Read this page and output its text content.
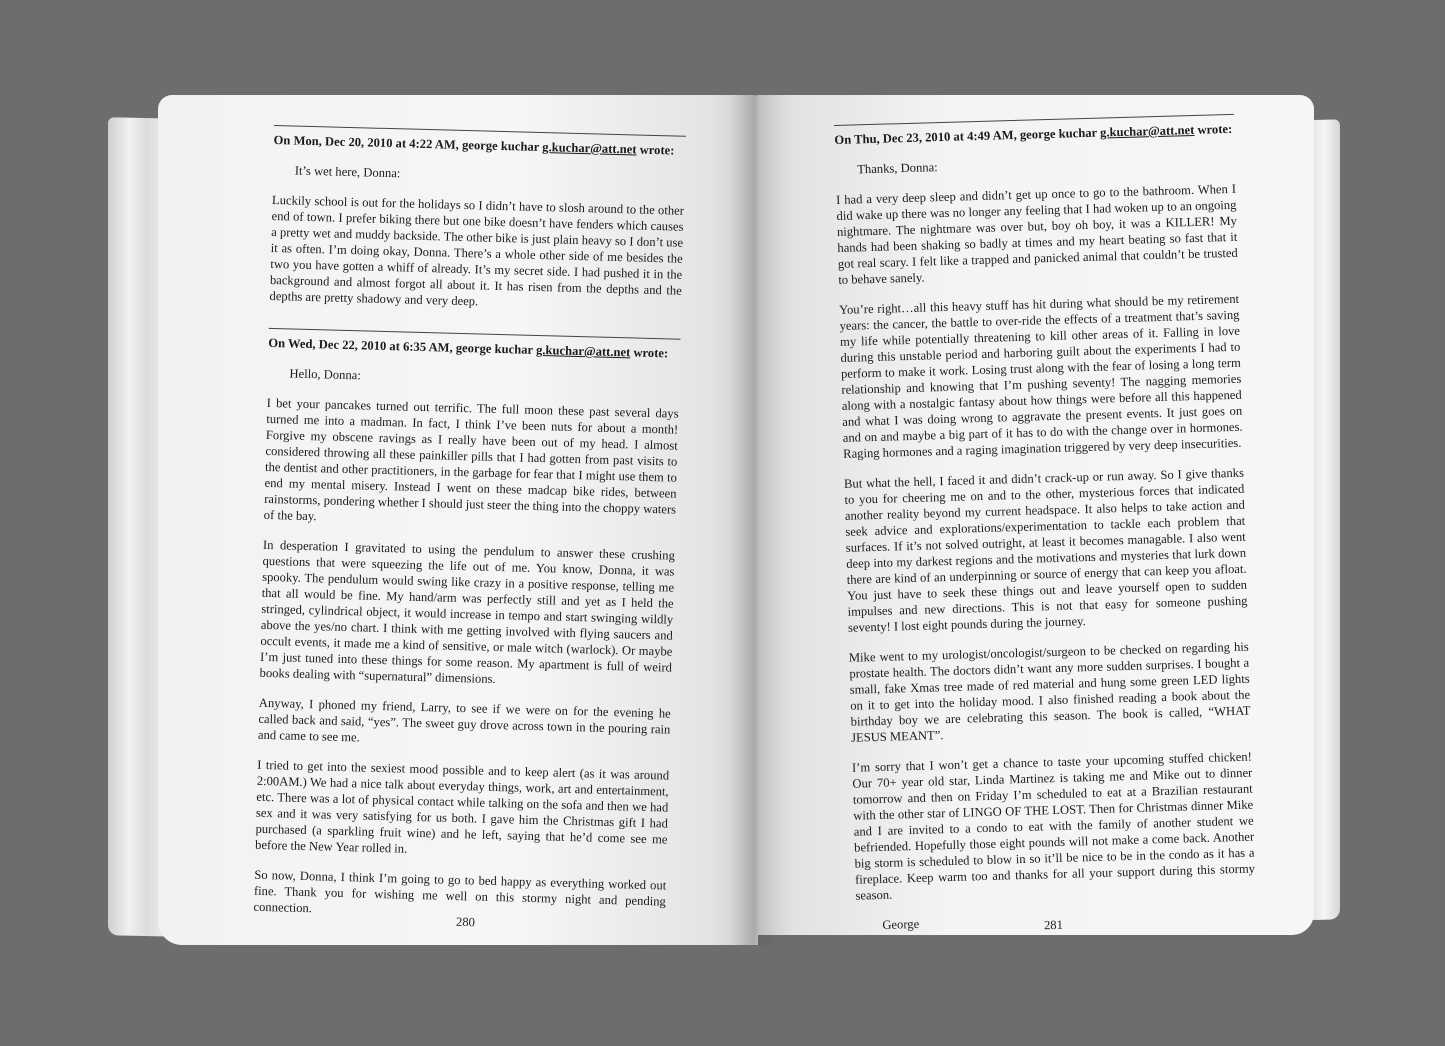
On Mon, Dec 20, 2010 at 4:22 AM, george kuchar g.kuchar@att.net wrote:
It’s wet here, Donna:
Luckily school is out for the holidays so I didn’t have to slosh around to the other end of town. I prefer biking there but one bike doesn’t have fenders which causes a pretty wet and muddy backside. The other bike is just plain heavy so I don’t use it as often. I’m doing okay, Donna. There’s a whole other side of me besides the two you have gotten a whiff of already. It’s my secret side. I had pushed it in the background and almost forgot all about it. It has risen from the depths and the depths are pretty shadowy and very deep.
On Wed, Dec 22, 2010 at 6:35 AM, george kuchar g.kuchar@att.net wrote:
Hello, Donna:
I bet your pancakes turned out terrific. The full moon these past several days turned me into a madman. In fact, I think I’ve been nuts for about a month! Forgive my obscene ravings as I really have been out of my head. I almost considered throwing all these painkiller pills that I had gotten from past visits to the dentist and other practitioners, in the garbage for fear that I might use them to end my mental misery. Instead I went on these madcap bike rides, between rainstorms, pondering whether I should just steer the thing into the choppy waters of the bay.
In desperation I gravitated to using the pendulum to answer these crushing questions that were squeezing the life out of me. You know, Donna, it was spooky. The pendulum would swing like crazy in a positive response, telling me that all would be fine. My hand/arm was perfectly still and yet as I held the stringed, cylindrical object, it would increase in tempo and start swinging wildly above the yes/no chart. I think with me getting involved with flying saucers and occult events, it made me a kind of sensitive, or male witch (warlock). Or maybe I’m just tuned into these things for some reason. My apartment is full of weird books dealing with “supernatural” dimensions.
Anyway, I phoned my friend, Larry, to see if we were on for the evening he called back and said, “yes”. The sweet guy drove across town in the pouring rain and came to see me.
I tried to get into the sexiest mood possible and to keep alert (as it was around 2:00AM.) We had a nice talk about everyday things, work, art and entertainment, etc. There was a lot of physical contact while talking on the sofa and then we had sex and it was very satisfying for us both. I gave him the Christmas gift I had purchased (a sparkling fruit wine) and he left, saying that he’d come see me before the New Year rolled in.
So now, Donna, I think I’m going to go to bed happy as everything worked out fine. Thank you for wishing me well on this stormy night and pending connection.
280
On Thu, Dec 23, 2010 at 4:49 AM, george kuchar g.kuchar@att.net wrote:
Thanks, Donna:
I had a very deep sleep and didn’t get up once to go to the bathroom. When I did wake up there was no longer any feeling that I had woken up to an ongoing nightmare. The nightmare was over but, boy oh boy, it was a KILLER! My hands had been shaking so badly at times and my heart beating so fast that it got real scary. I felt like a trapped and panicked animal that couldn’t be trusted to behave sanely.
You’re right…all this heavy stuff has hit during what should be my retirement years: the cancer, the battle to over-ride the effects of a treatment that’s saving my life while potentially threatening to kill other areas of it. Falling in love during this unstable period and harboring guilt about the experiments I had to perform to make it work. Losing trust along with the fear of losing a long term relationship and knowing that I’m pushing seventy! The nagging memories along with a nostalgic fantasy about how things were before all this happened and what I was doing wrong to aggravate the present events. It just goes on and on and maybe a big part of it has to do with the change over in hormones. Raging hormones and a raging imagination triggered by very deep insecurities.
But what the hell, I faced it and didn’t crack-up or run away. So I give thanks to you for cheering me on and to the other, mysterious forces that indicated another reality beyond my current headspace. It also helps to take action and seek advice and explorations/experimentation to tackle each problem that surfaces. If it’s not solved outright, at least it becomes managable. I also went deep into my darkest regions and the motivations and mysteries that lurk down there are kind of an underpinning or source of energy that can keep you afloat. You just have to seek these things out and leave yourself open to sudden impulses and new directions. This is not that easy for someone pushing seventy! I lost eight pounds during the journey.
Mike went to my urologist/oncologist/surgeon to be checked on regarding his prostate health. The doctors didn’t want any more sudden surprises. I bought a small, fake Xmas tree made of red material and hung some green LED lights on it to get into the holiday mood. I also finished reading a book about the birthday boy we are celebrating this season. The book is called, “WHAT JESUS MEANT”.
I’m sorry that I won’t get a chance to taste your upcoming stuffed chicken! Our 70+ year old star, Linda Martinez is taking me and Mike out to dinner tomorrow and then on Friday I’m scheduled to eat at a Brazilian restaurant with the other star of LINGO OF THE LOST. Then for Christmas dinner Mike and I are invited to a condo to eat with the family of another student we befriended. Hopefully those eight pounds will not make a come back. Another big storm is scheduled to blow in so it’ll be nice to be in the condo as it has a fireplace. Keep warm too and thanks for all your support during this stormy season.
George	281
